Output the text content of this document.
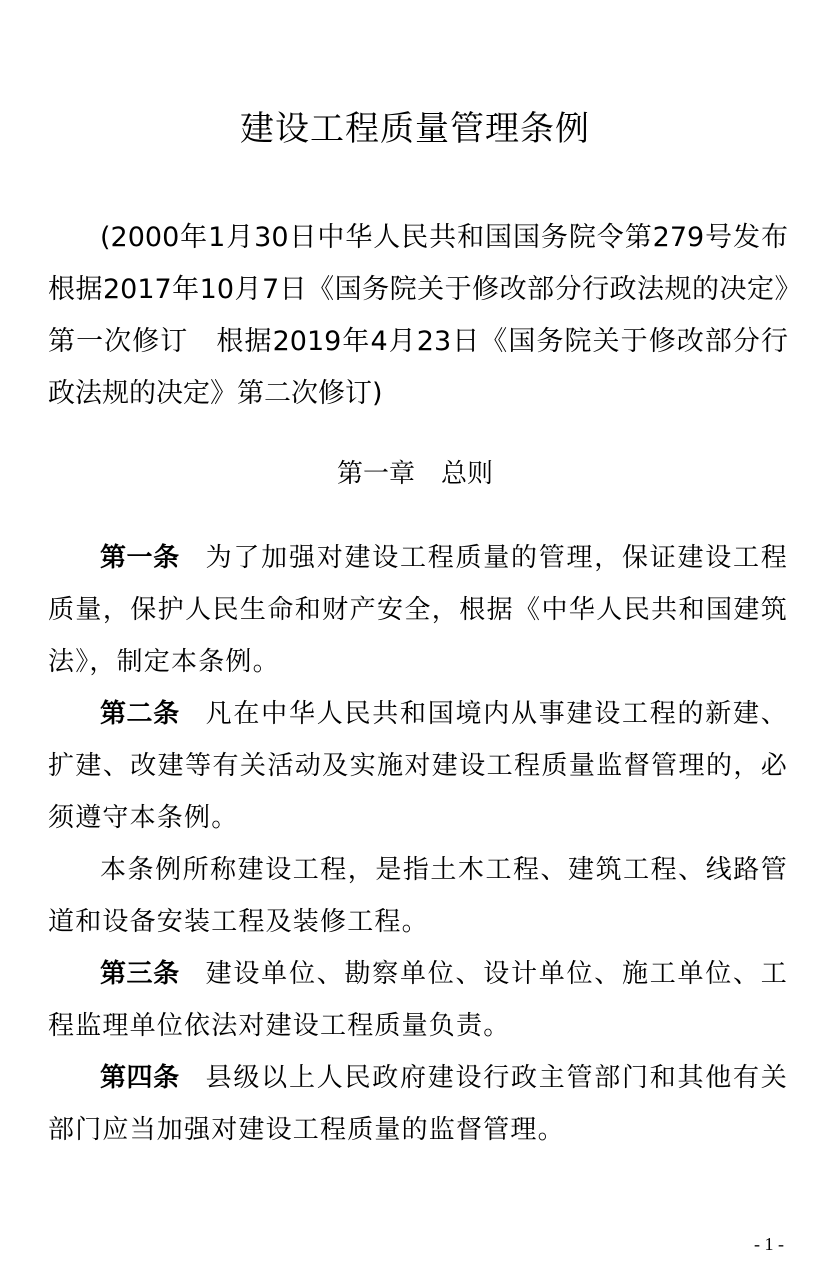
建设工程质量管理条例

(2000年1月30日中华人民共和国国务院令第279号发布　根据2017年10月7日《国务院关于修改部分行政法规的决定》第一次修订　根据2019年4月23日《国务院关于修改部分行政法规的决定》第二次修订)

第一章　总则

第一条 为了加强对建设工程质量的管理，保证建设工程质量，保护人民生命和财产安全，根据《中华人民共和国建筑法》，制定本条例。

第二条 凡在中华人民共和国境内从事建设工程的新建、扩建、改建等有关活动及实施对建设工程质量监督管理的，必须遵守本条例。

本条例所称建设工程，是指土木工程、建筑工程、线路管道和设备安装工程及装修工程。

第三条 建设单位、勘察单位、设计单位、施工单位、工程监理单位依法对建设工程质量负责。

第四条 县级以上人民政府建设行政主管部门和其他有关部门应当加强对建设工程质量的监督管理。

- 1 -
